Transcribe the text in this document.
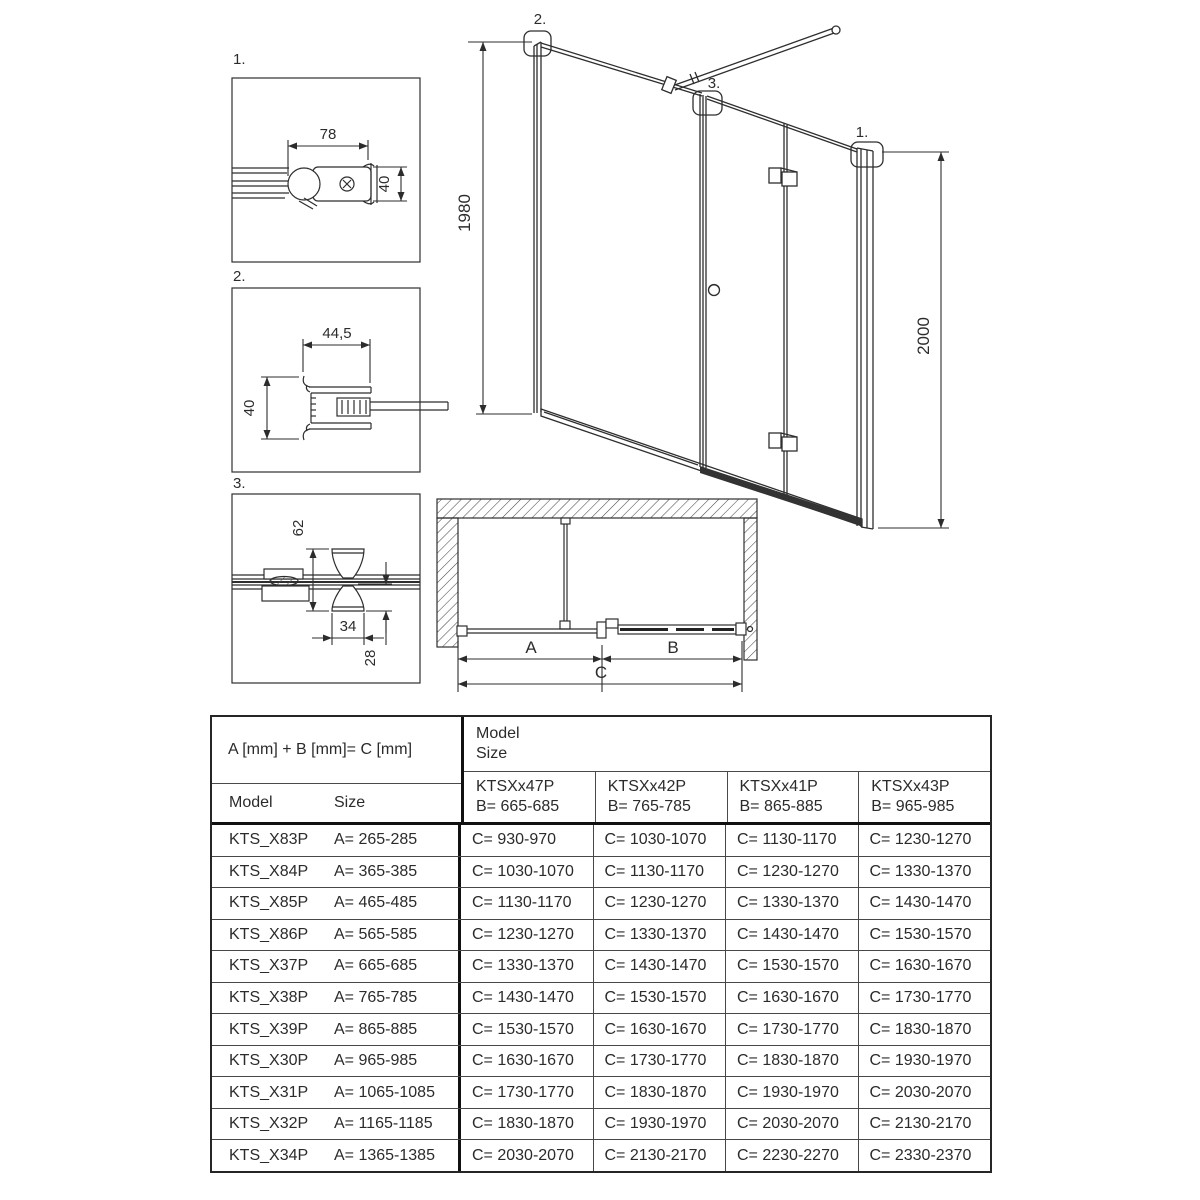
1.
78
40
2.
44,5
40
3.
62
34
28
2.
3.
1.
1980
2000
A	B
C
A [mm] + B [mm]= C [mm]
Model	Size
Model
Size
KTSXx47P
B= 665-685
KTSXx42P
B= 765-785
KTSXx41P
B= 865-885
KTSXx43P
B= 965-985
KTS_X83P	A= 265-285	C= 930-970	C= 1030-1070	C= 1130-1170	C= 1230-1270
KTS_X84P	A= 365-385	C= 1030-1070	C= 1130-1170	C= 1230-1270	C= 1330-1370
KTS_X85P	A= 465-485	C= 1130-1170	C= 1230-1270	C= 1330-1370	C= 1430-1470
KTS_X86P	A= 565-585	C= 1230-1270	C= 1330-1370	C= 1430-1470	C= 1530-1570
KTS_X37P	A= 665-685	C= 1330-1370	C= 1430-1470	C= 1530-1570	C= 1630-1670
KTS_X38P	A= 765-785	C= 1430-1470	C= 1530-1570	C= 1630-1670	C= 1730-1770
KTS_X39P	A= 865-885	C= 1530-1570	C= 1630-1670	C= 1730-1770	C= 1830-1870
KTS_X30P	A= 965-985	C= 1630-1670	C= 1730-1770	C= 1830-1870	C= 1930-1970
KTS_X31P	A= 1065-1085	C= 1730-1770	C= 1830-1870	C= 1930-1970	C= 2030-2070
KTS_X32P	A= 1165-1185	C= 1830-1870	C= 1930-1970	C= 2030-2070	C= 2130-2170
KTS_X34P	A= 1365-1385	C= 2030-2070	C= 2130-2170	C= 2230-2270	C= 2330-2370
